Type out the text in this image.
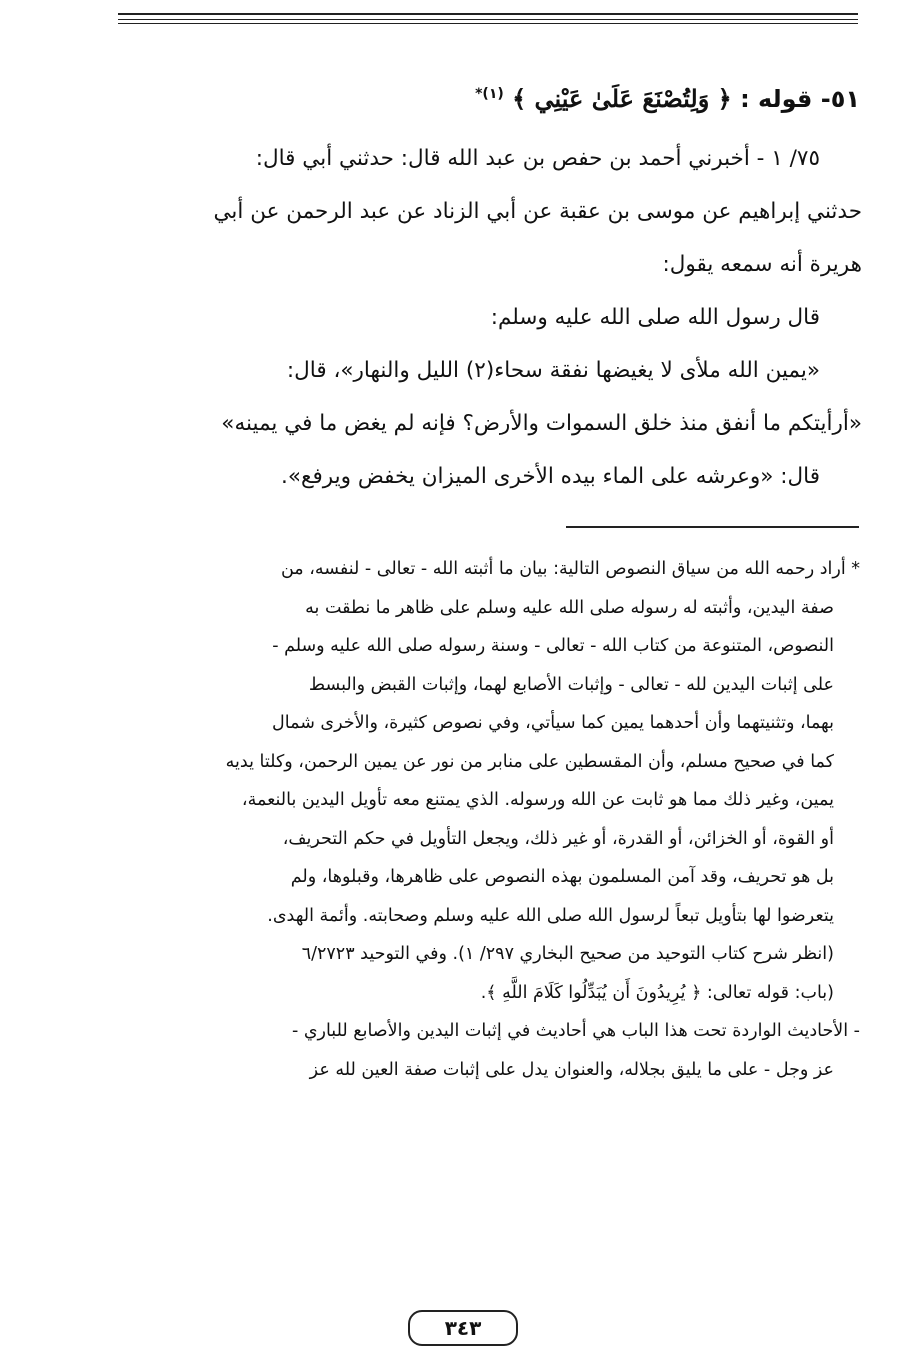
٥١- قوله : ﴿ وَلِتُصْنَعَ عَلَىٰ عَيْنِي ﴾ $^{(١)*}$
٧٥/ ١ - أخبرني أحمد بن حفص بن عبد الله قال: حدثني أبي قال:
حدثني إبراهيم عن موسى بن عقبة عن أبي الزناد عن عبد الرحمن عن أبي
هريرة أنه سمعه يقول:
قال رسول الله صلى الله عليه وسلم:
«يمين الله ملأى لا يغيضها نفقة سحاء(٢) الليل والنهار»، قال:
«أرأيتكم ما أنفق منذ خلق السموات والأرض؟ فإنه لم يغض ما في يمينه»
قال: «وعرشه على الماء بيده الأخرى الميزان يخفض ويرفع».
* أراد رحمه الله من سياق النصوص التالية: بيان ما أثبته الله - تعالى - لنفسه، من
صفة اليدين، وأثبته له رسوله صلى الله عليه وسلم على ظاهر ما نطقت به
النصوص، المتنوعة من كتاب الله - تعالى - وسنة رسوله صلى الله عليه وسلم -
على إثبات اليدين لله - تعالى - وإثبات الأصابع لهما، وإثبات القبض والبسط
بهما، وتثنيتهما وأن أحدهما يمين كما سيأتي، وفي نصوص كثيرة، والأخرى شمال
كما في صحيح مسلم، وأن المقسطين على منابر من نور عن يمين الرحمن، وكلتا يديه
يمين، وغير ذلك مما هو ثابت عن الله ورسوله. الذي يمتنع معه تأويل اليدين بالنعمة،
أو القوة، أو الخزائن، أو القدرة، أو غير ذلك، ويجعل التأويل في حكم التحريف،
بل هو تحريف، وقد آمن المسلمون بهذه النصوص على ظاهرها، وقبلوها، ولم
يتعرضوا لها بتأويل تبعاً لرسول الله صلى الله عليه وسلم وصحابته. وأئمة الهدى.
(انظر شرح كتاب التوحيد من صحيح البخاري ٢٩٧/ ١). وفي التوحيد ٦/٢٧٢٣
(باب: قوله تعالى: ﴿ يُرِيدُونَ أَن يُبَدِّلُوا كَلَامَ اللَّهِ ﴾.
- الأحاديث الواردة تحت هذا الباب هي أحاديث في إثبات اليدين والأصابع للباري -
عز وجل - على ما يليق بجلاله، والعنوان يدل على إثبات صفة العين لله عز
٣٤٣
